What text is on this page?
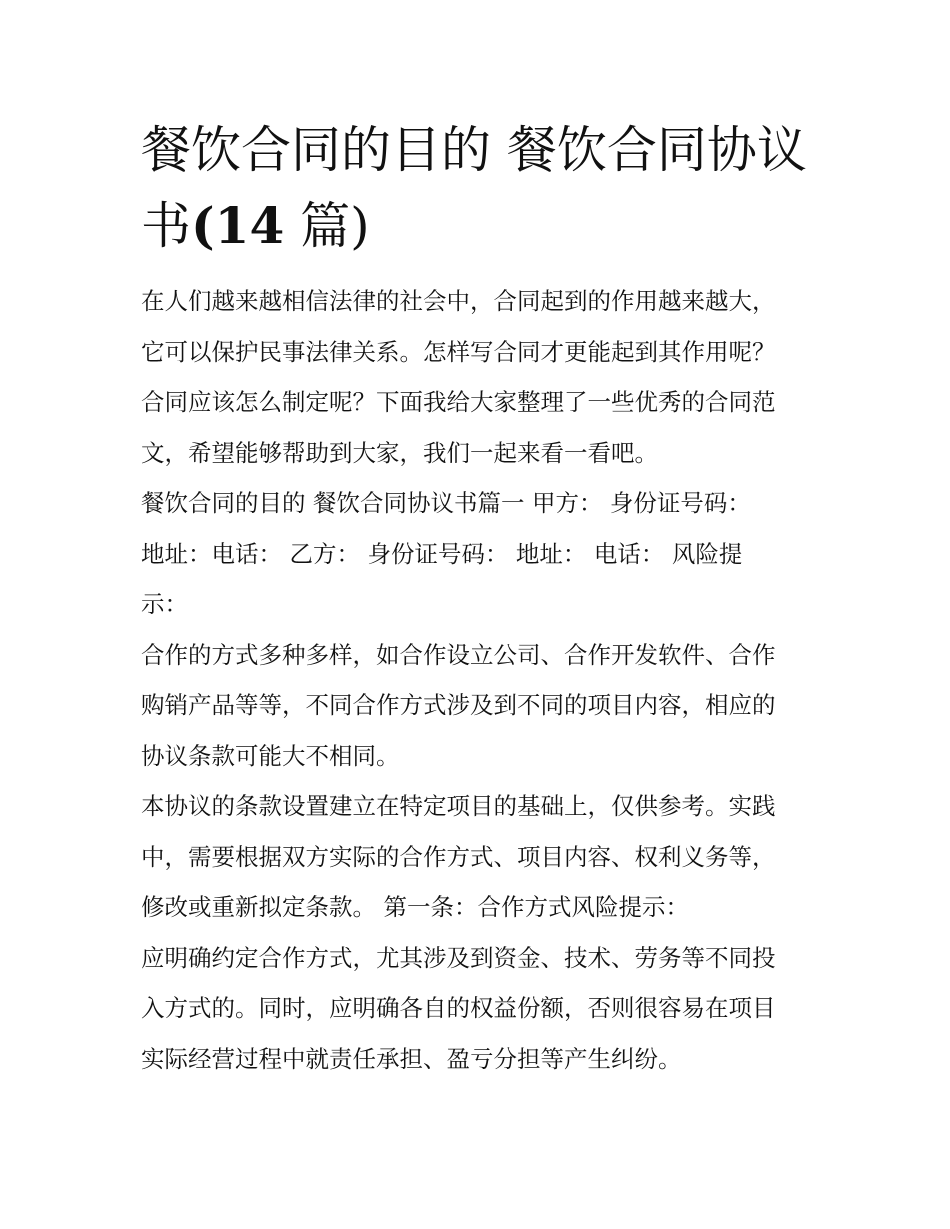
餐饮合同的目的 餐饮合同协议
书(14 篇)

在人们越来越相信法律的社会中，合同起到的作用越来越大，
它可以保护民事法律关系。怎样写合同才更能起到其作用呢？
合同应该怎么制定呢？下面我给大家整理了一些优秀的合同范
文，希望能够帮助到大家，我们一起来看一看吧。

餐饮合同的目的 餐饮合同协议书篇一 甲方： 身份证号码：
地址：电话： 乙方： 身份证号码： 地址： 电话： 风险提
示：

合作的方式多种多样，如合作设立公司、合作开发软件、合作
购销产品等等，不同合作方式涉及到不同的项目内容，相应的
协议条款可能大不相同。

本协议的条款设置建立在特定项目的基础上，仅供参考。实践
中，需要根据双方实际的合作方式、项目内容、权利义务等，
修改或重新拟定条款。 第一条：合作方式风险提示：

应明确约定合作方式，尤其涉及到资金、技术、劳务等不同投
入方式的。同时，应明确各自的权益份额，否则很容易在项目
实际经营过程中就责任承担、盈亏分担等产生纠纷。
